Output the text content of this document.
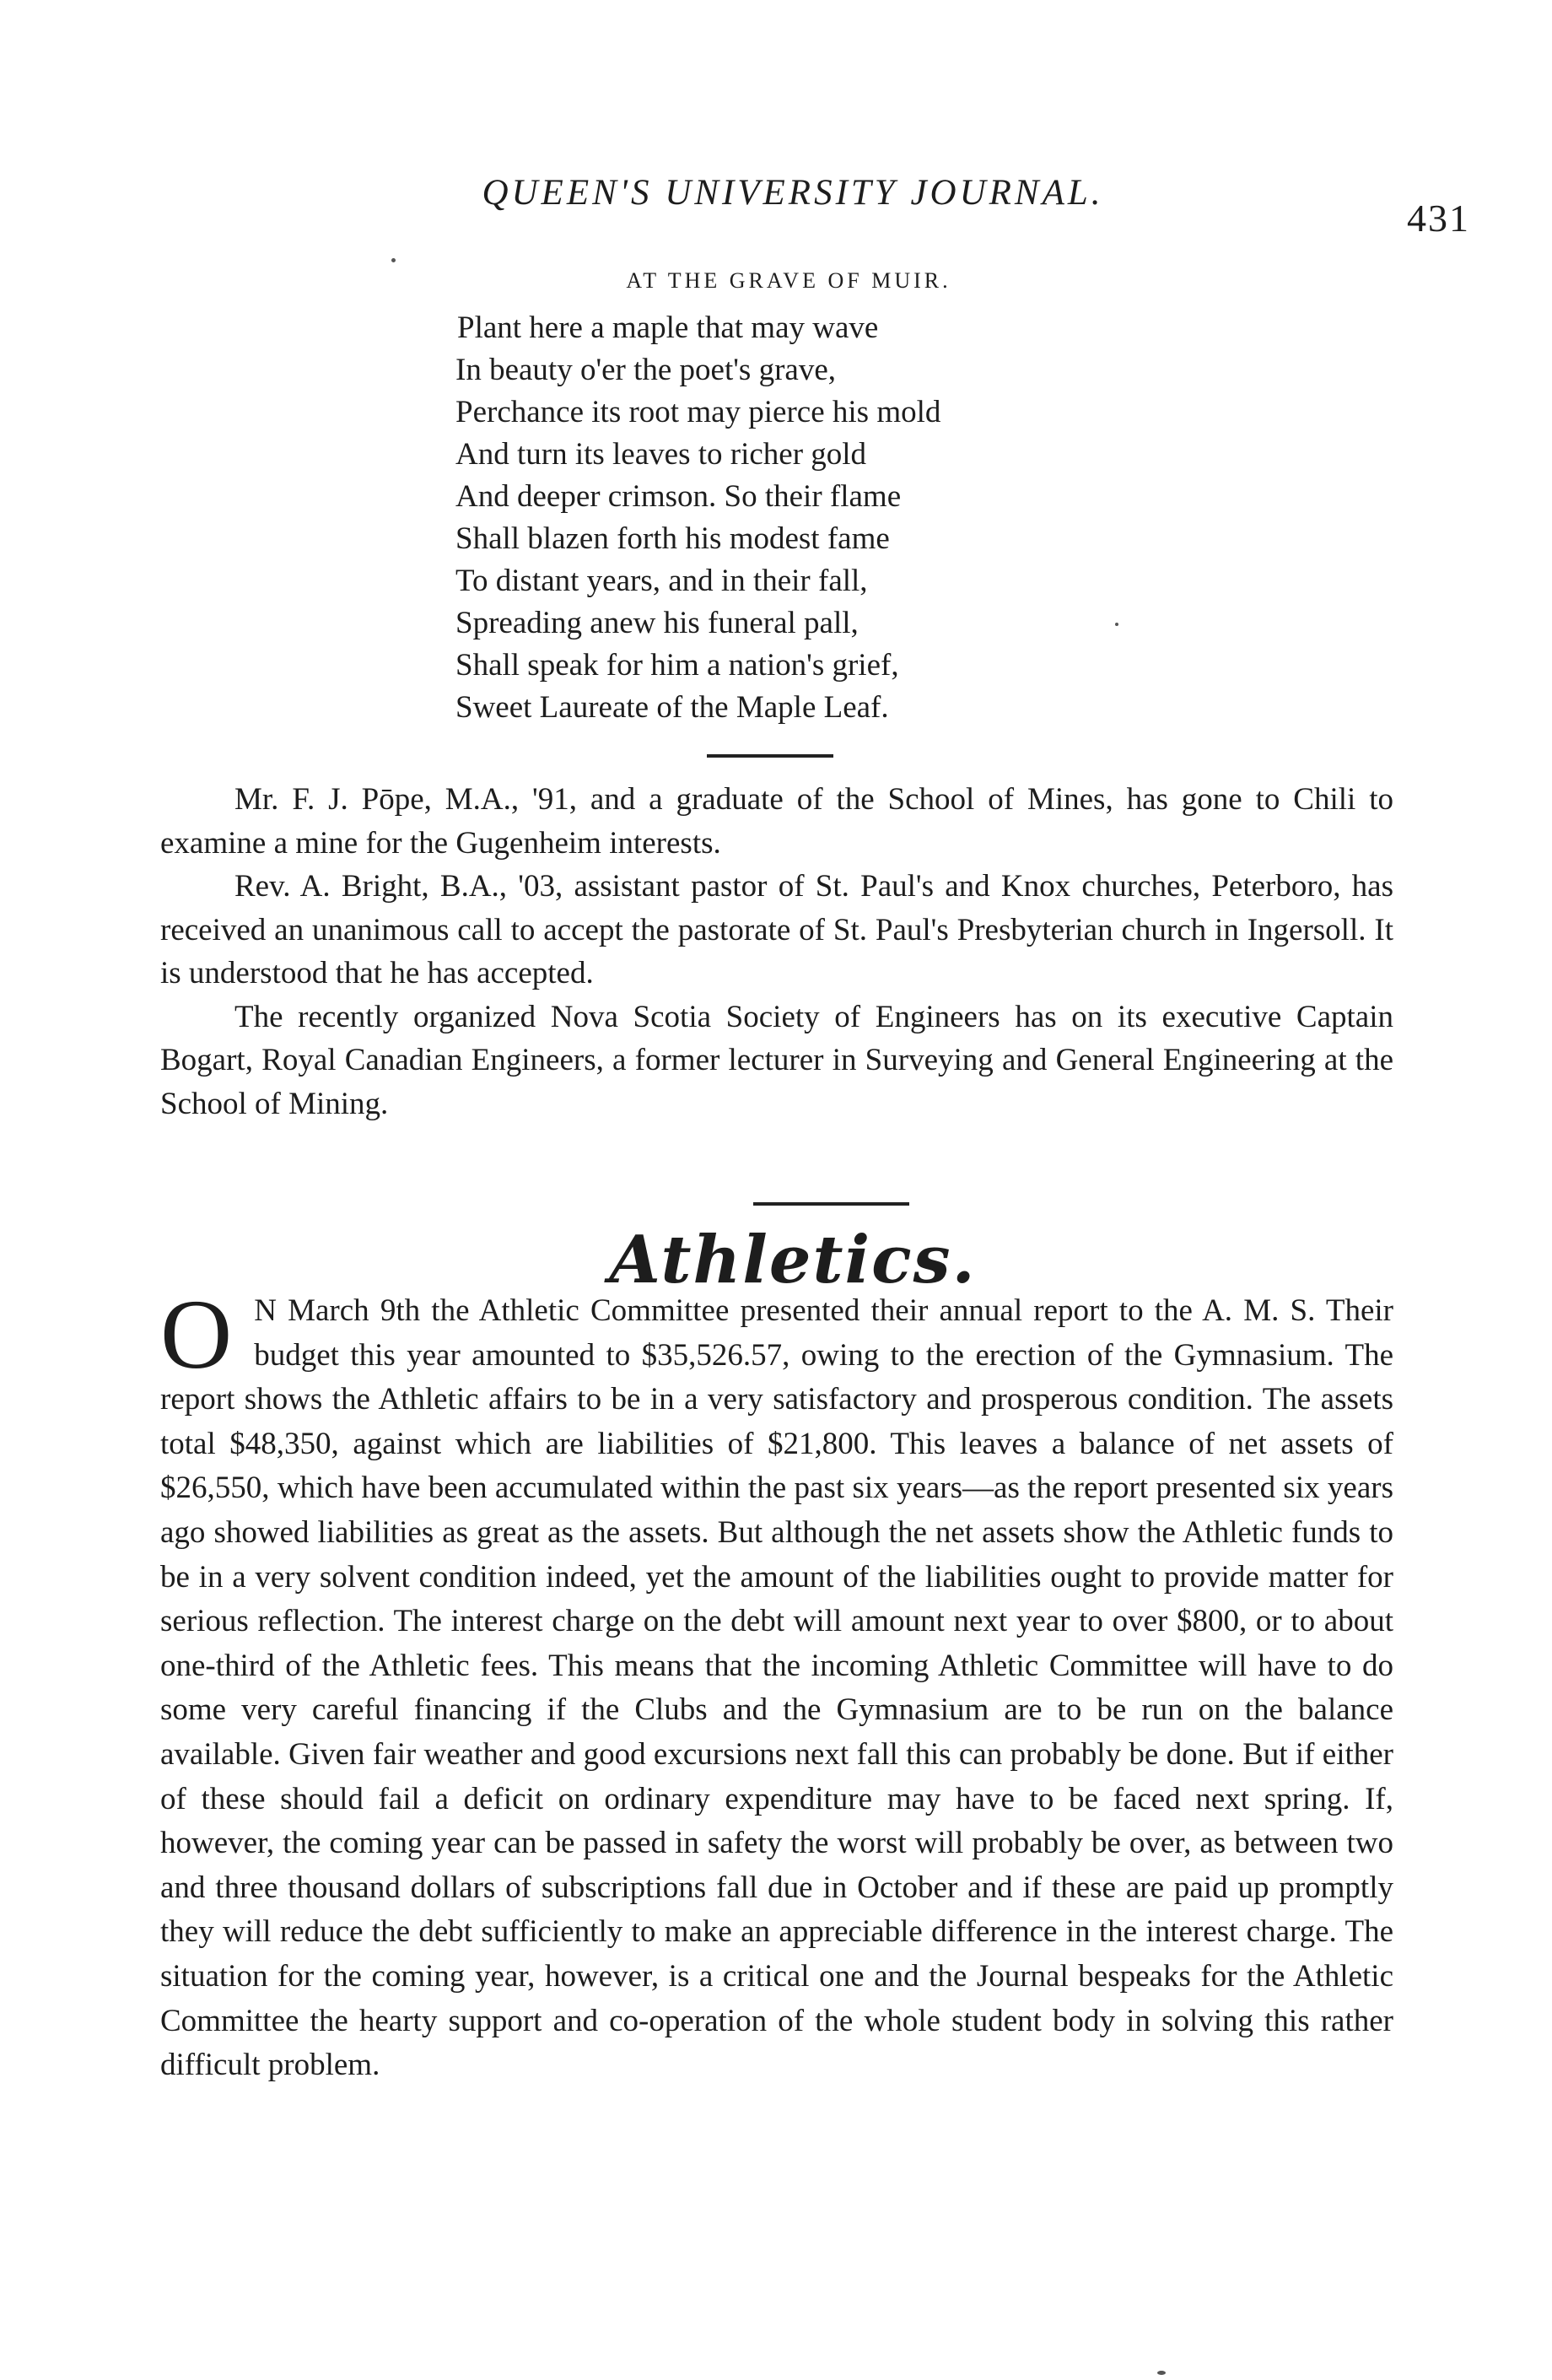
QUEEN'S UNIVERSITY JOURNAL.
431
AT THE GRAVE OF MUIR.
Plant here a maple that may wave
In beauty o'er the poet's grave,
Perchance its root may pierce his mold
And turn its leaves to richer gold
And deeper crimson. So their flame
Shall blazen forth his modest fame
To distant years, and in their fall,
Spreading anew his funeral pall,
Shall speak for him a nation's grief,
Sweet Laureate of the Maple Leaf.

Mr. F. J. Pōpe, M.A., '91, and a graduate of the School of Mines, has gone to Chili to examine a mine for the Gugenheim interests.

Rev. A. Bright, B.A., '03, assistant pastor of St. Paul's and Knox churches, Peterboro, has received an unanimous call to accept the pastorate of St. Paul's Presbyterian church in Ingersoll. It is understood that he has accepted.

The recently organized Nova Scotia Society of Engineers has on its executive Captain Bogart, Royal Canadian Engineers, a former lecturer in Surveying and General Engineering at the School of Mining.

Athletics.

O N March 9th the Athletic Committee presented their annual report to the A. M. S. Their budget this year amounted to $35,526.57, owing to the erection of the Gymnasium. The report shows the Athletic affairs to be in a very satisfactory and prosperous condition. The assets total $48,350, against which are liabilities of $21,800. This leaves a balance of net assets of $26,550, which have been accumulated within the past six years—as the report presented six years ago showed liabilities as great as the assets. But although the net assets show the Athletic funds to be in a very solvent condition indeed, yet the amount of the liabilities ought to provide matter for serious reflection. The interest charge on the debt will amount next year to over $800, or to about one-third of the Athletic fees. This means that the incoming Athletic Committee will have to do some very careful financing if the Clubs and the Gymnasium are to be run on the balance available. Given fair weather and good excursions next fall this can probably be done. But if either of these should fail a deficit on ordinary expenditure may have to be faced next spring. If, however, the coming year can be passed in safety the worst will probably be over, as between two and three thousand dollars of subscriptions fall due in October and if these are paid up promptly they will reduce the debt sufficiently to make an appreciable difference in the interest charge. The situation for the coming year, however, is a critical one and the Journal bespeaks for the Athletic Committee the hearty support and co-operation of the whole student body in solving this rather difficult problem.
